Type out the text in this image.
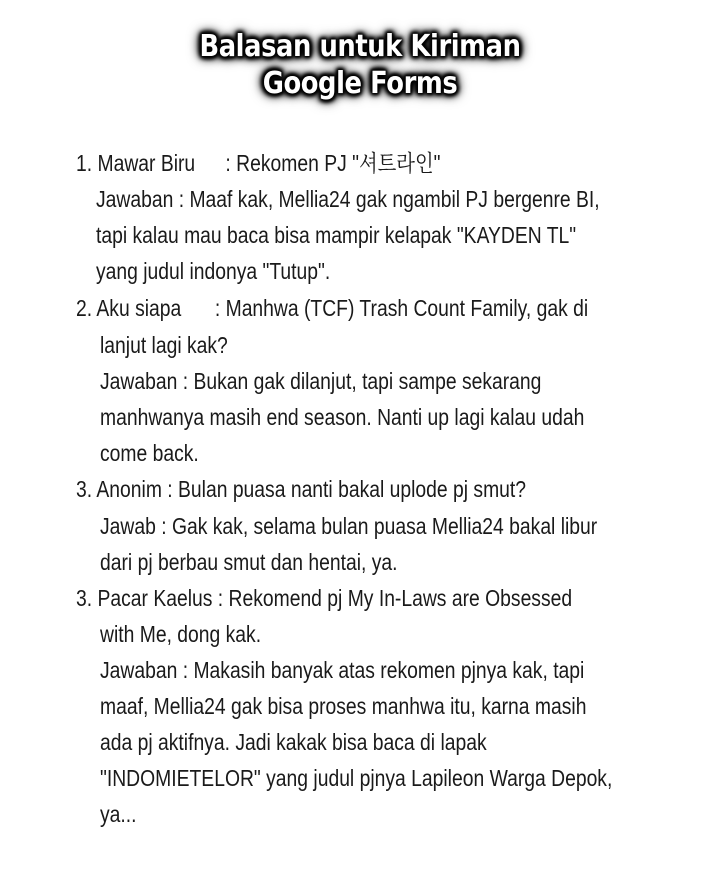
Balasan untuk Kiriman
Google Forms
1. Mawar Biru : Rekomen PJ "셔트라인"
Jawaban : Maaf kak, Mellia24 gak ngambil PJ bergenre BI,
tapi kalau mau baca bisa mampir kelapak "KAYDEN TL"
yang judul indonya "Tutup".
2. Aku siapa : Manhwa (TCF) Trash Count Family, gak di
lanjut lagi kak?
Jawaban : Bukan gak dilanjut, tapi sampe sekarang
manhwanya masih end season. Nanti up lagi kalau udah
come back.
3. Anonim : Bulan puasa nanti bakal uplode pj smut?
Jawab : Gak kak, selama bulan puasa Mellia24 bakal libur
dari pj berbau smut dan hentai, ya.
3. Pacar Kaelus : Rekomend pj My In-Laws are Obsessed
with Me, dong kak.
Jawaban : Makasih banyak atas rekomen pjnya kak, tapi
maaf, Mellia24 gak bisa proses manhwa itu, karna masih
ada pj aktifnya. Jadi kakak bisa baca di lapak
"INDOMIETELOR" yang judul pjnya Lapileon Warga Depok,
ya...
